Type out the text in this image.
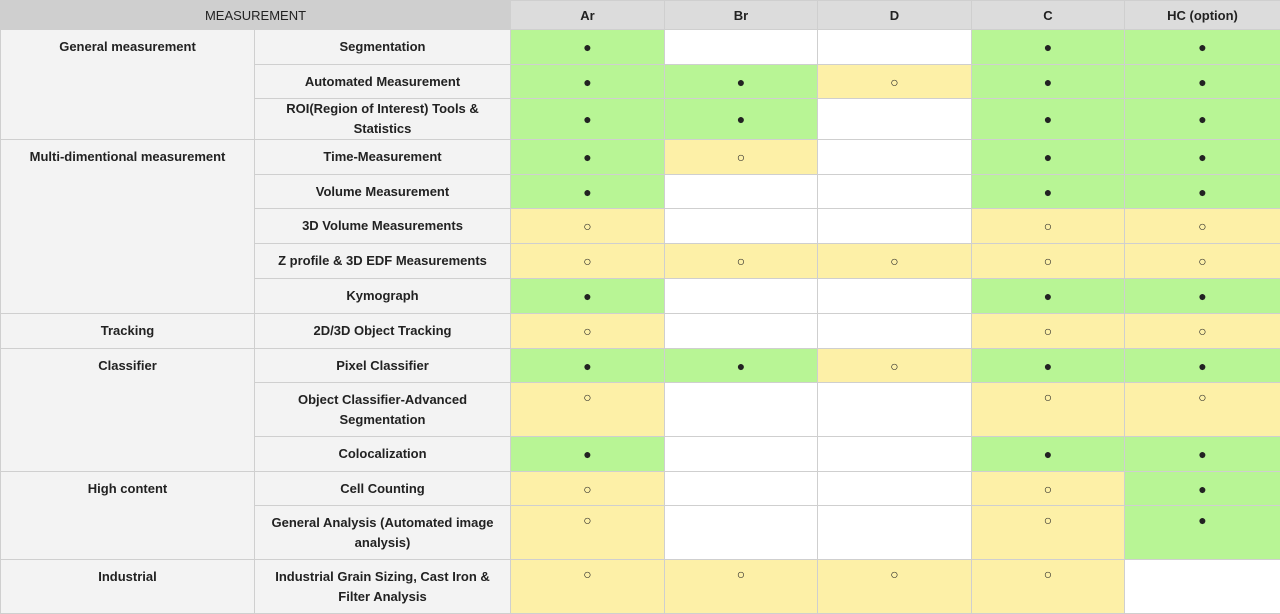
MEASUREMENT		Ar	Br	D	C	HC (option)
General measurement	Segmentation	●			●	●
	Automated Measurement	●	●	○	●	●
	ROI(Region of Interest) Tools & Statistics	●	●		●	●
Multi-dimentional measurement	Time-Measurement	●	○		●	●
	Volume Measurement	●			●	●
	3D Volume Measurements	○			○	○
	Z profile & 3D EDF Measurements	○	○	○	○	○
	Kymograph	●			●	●
Tracking	2D/3D Object Tracking	○			○	○
Classifier	Pixel Classifier	●	●	○	●	●
	Object Classifier-Advanced Segmentation	○			○	○
	Colocalization	●			●	●
High content	Cell Counting	○			○	●
	General Analysis (Automated image analysis)	○			○	●
Industrial	Industrial Grain Sizing, Cast Iron & Filter Analysis	○	○	○	○	
